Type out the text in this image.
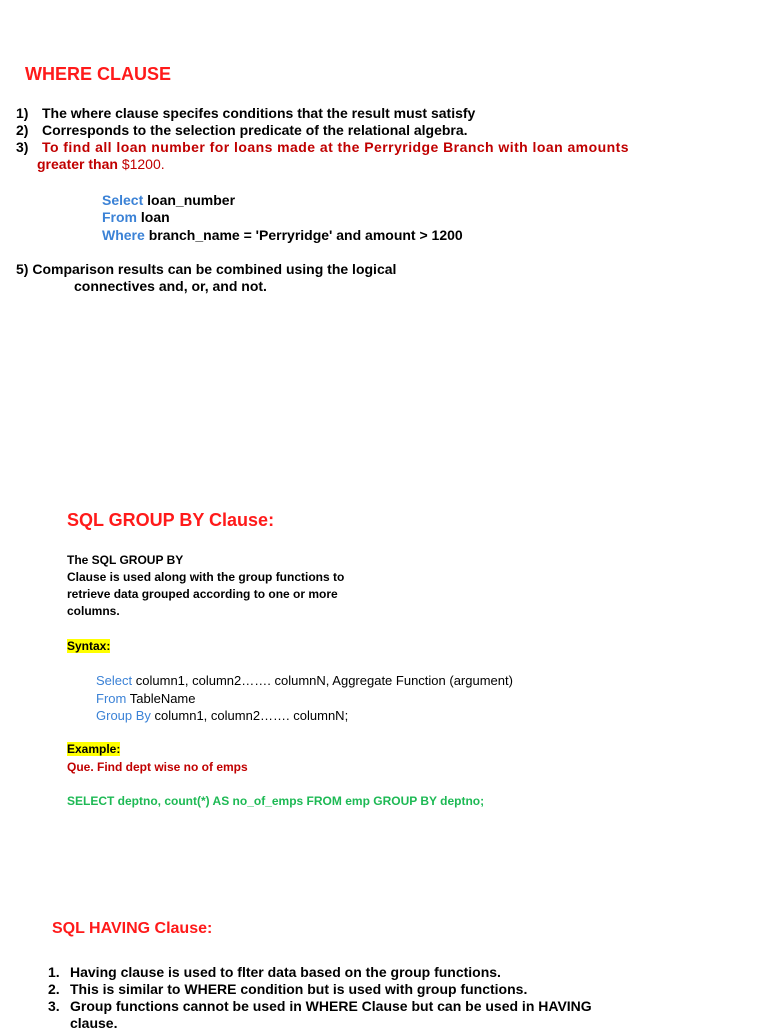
WHERE CLAUSE
1) The where clause specifes conditions that the result must satisfy
2) Corresponds to the selection predicate of the relational algebra.
3) To find all loan number for loans made at the Perryridge Branch with loan amounts
greater than $1200.
Select loan_number
From loan
Where branch_name = 'Perryridge' and amount > 1200
5) Comparison results can be combined using the logical
connectives and, or, and not.
SQL GROUP BY Clause:
The SQL GROUP BY
Clause is used along with the group functions to
retrieve data grouped according to one or more
columns.
Syntax:
Select column1, column2……. columnN, Aggregate Function (argument)
From TableName
Group By column1, column2……. columnN;
Example:
Que. Find dept wise no of emps
SELECT deptno, count(*) AS no_of_emps FROM emp GROUP BY deptno;
SQL HAVING Clause:
1. Having clause is used to flter data based on the group functions.
2. This is similar to WHERE condition but is used with group functions.
3. Group functions cannot be used in WHERE Clause but can be used in HAVING
clause.
